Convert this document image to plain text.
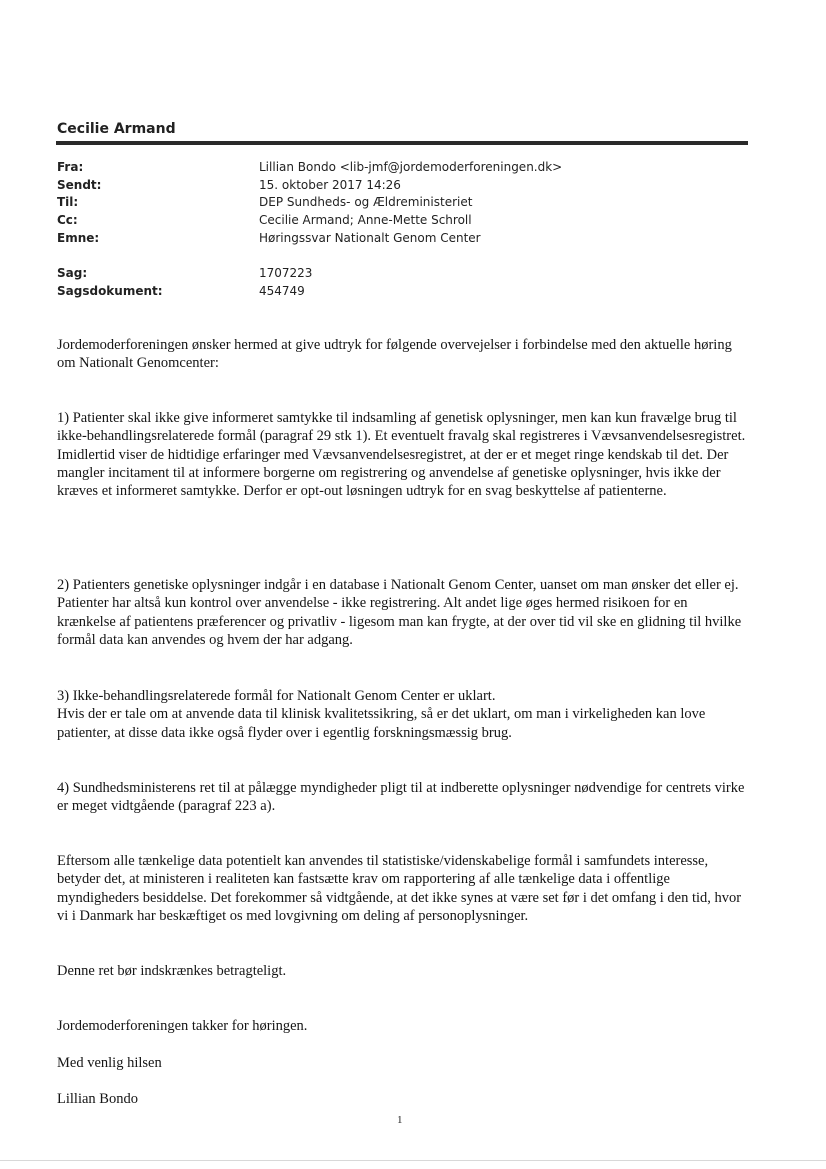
Cecilie Armand
Fra:	Lillian Bondo <lib-jmf@jordemoderforeningen.dk>
Sendt:	15. oktober 2017 14:26
Til:	DEP Sundheds- og Ældreministeriet
Cc:	Cecilie Armand; Anne-Mette Schroll
Emne:	Høringssvar Nationalt Genom Center
Sag:	1707223
Sagsdokument:	454749

Jordemoderforeningen ønsker hermed at give udtryk for følgende overvejelser i forbindelse med den aktuelle høring om Nationalt Genomcenter:

1) Patienter skal ikke give informeret samtykke til indsamling af genetisk oplysninger, men kan kun fravælge brug til ikke-behandlingsrelaterede formål (paragraf 29 stk 1). Et eventuelt fravalg skal registreres i Vævsanvendelsesregistret.

Imidlertid viser de hidtidige erfaringer med Vævsanvendelsesregistret, at der er et meget ringe kendskab til det. Der mangler incitament til at informere borgerne om registrering og anvendelse af genetiske oplysninger, hvis ikke der kræves et informeret samtykke. Derfor er opt-out løsningen udtryk for en svag beskyttelse af patienterne.

2) Patienters genetiske oplysninger indgår i en database i Nationalt Genom Center, uanset om man ønsker det eller ej. Patienter har altså kun kontrol over anvendelse - ikke registrering. Alt andet lige øges hermed risikoen for en krænkelse af patientens præferencer og privatliv - ligesom man kan frygte, at der over tid vil ske en glidning til hvilke formål data kan anvendes og hvem der har adgang.

3) Ikke-behandlingsrelaterede formål for Nationalt Genom Center er uklart.

Hvis der er tale om at anvende data til klinisk kvalitetssikring, så er det uklart, om man i virkeligheden kan love patienter, at disse data ikke også flyder over i egentlig forskningsmæssig brug.

4) Sundhedsministerens ret til at pålægge myndigheder pligt til at indberette oplysninger nødvendige for centrets virke er meget vidtgående (paragraf 223 a).

Eftersom alle tænkelige data potentielt kan anvendes til statistiske/videnskabelige formål i samfundets interesse, betyder det, at ministeren i realiteten kan fastsætte krav om rapportering af alle tænkelige data i offentlige myndigheders besiddelse. Det forekommer så vidtgående, at det ikke synes at være set før i det omfang i den tid, hvor vi i Danmark har beskæftiget os med lovgivning om deling af personoplysninger.

Denne ret bør indskrænkes betragteligt.

Jordemoderforeningen takker for høringen.

Med venlig hilsen

Lillian Bondo

1
